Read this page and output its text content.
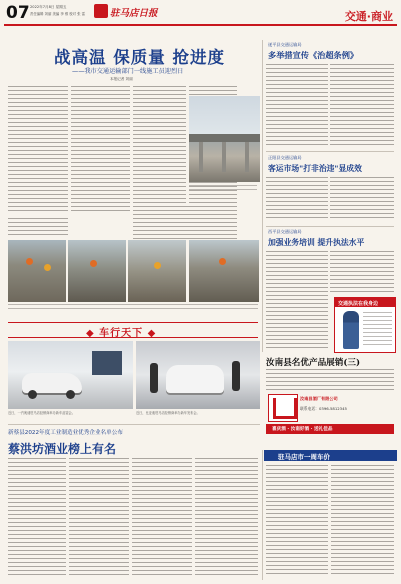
07 2022年7月8日 星期五
责任编辑 刘丽 美编 李 维 校对 张 雷	驻马店日报	交通·商业
战高温 保质量 抢进度
——我市交通运输部门一线施工员迎烈日
本报记者 刘丽
遂平县交通运输局
多举措宣传《治超条例》
正阳县交通运输局
客运市场"打非治违"显成效
西平县交通运输局
加强业务培训 提升执法水平
交通执法在我身边
◆ 车行天下 ◆
近日，一汽奥迪驻马店经销商举办新车品鉴会。	近日，比亚迪驻马店经销商举办新车发布会。
汝南县名优产品展销(三)
汝南县酒厂有限公司
联系电话：0396-5812345
喜庆酒 · 汝南好酒 · 送礼佳品
驻马店市一周车价
新蔡县2022年度工业制造业优秀企业名单公布
蔡洪坊酒业榜上有名
